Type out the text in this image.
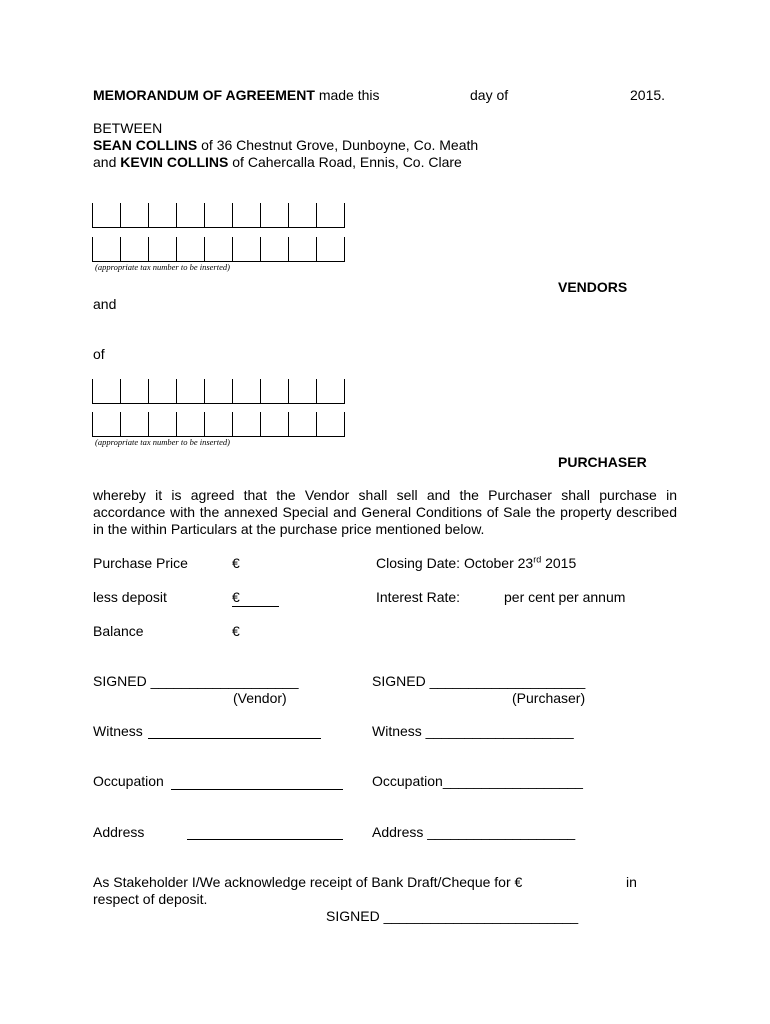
MEMORANDUM OF AGREEMENT made this	day of	2015.
BETWEEN
SEAN COLLINS of 36 Chestnut Grove, Dunboyne, Co. Meath
and KEVIN COLLINS of Cahercalla Road, Ennis, Co. Clare
(appropriate tax number to be inserted)
VENDORS
and
of
(appropriate tax number to be inserted)
PURCHASER
whereby it is agreed that the Vendor shall sell and the Purchaser shall purchase in accordance with the annexed Special and General Conditions of Sale the property described in the within Particulars at the purchase price mentioned below.
Purchase Price	€	Closing Date: October 23rd 2015
less deposit	€	Interest Rate:	per cent per annum
Balance	€
SIGNED ___________________
(Vendor)
SIGNED ____________________
(Purchaser)
Witness	Witness ___________________
Occupation	Occupation__________________
Address	Address ___________________
As Stakeholder I/We acknowledge receipt of Bank Draft/Cheque for €	in
respect of deposit.
SIGNED _________________________
